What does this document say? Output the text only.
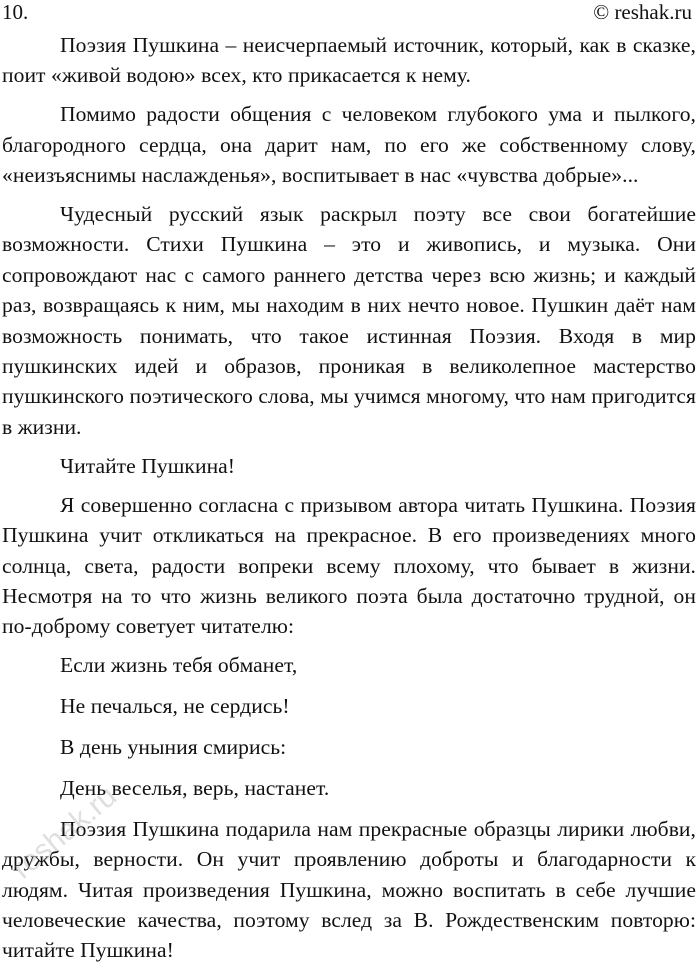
10.	© reshak.ru

Поэзия Пушкина – неисчерпаемый источник, который, как в сказке, поит «живой водою» всех, кто прикасается к нему.

Помимо радости общения с человеком глубокого ума и пылкого, благородного сердца, она дарит нам, по его же собственному слову, «неизъяснимы наслажденья», воспитывает в нас «чувства добрые»...

Чудесный русский язык раскрыл поэту все свои богатейшие возможности. Стихи Пушкина – это и живопись, и музыка. Они сопровождают нас с самого раннего детства через всю жизнь; и каждый раз, возвращаясь к ним, мы находим в них нечто новое. Пушкин даёт нам возможность понимать, что такое истинная Поэзия. Входя в мир пушкинских идей и образов, проникая в великолепное мастерство пушкинского поэтического слова, мы учимся многому, что нам пригодится в жизни.

Читайте Пушкина!

Я совершенно согласна с призывом автора читать Пушкина. Поэзия Пушкина учит откликаться на прекрасное. В его произведениях много солнца, света, радости вопреки всему плохому, что бывает в жизни. Несмотря на то что жизнь великого поэта была достаточно трудной, он по-доброму советует читателю:

Если жизнь тебя обманет,

Не печалься, не сердись!

В день уныния смирись:

День веселья, верь, настанет.

Поэзия Пушкина подарила нам прекрасные образцы лирики любви, дружбы, верности. Он учит проявлению доброты и благодарности к людям. Читая произведения Пушкина, можно воспитать в себе лучшие человеческие качества, поэтому вслед за В. Рождественским повторю: читайте Пушкина!

reshak.ru
